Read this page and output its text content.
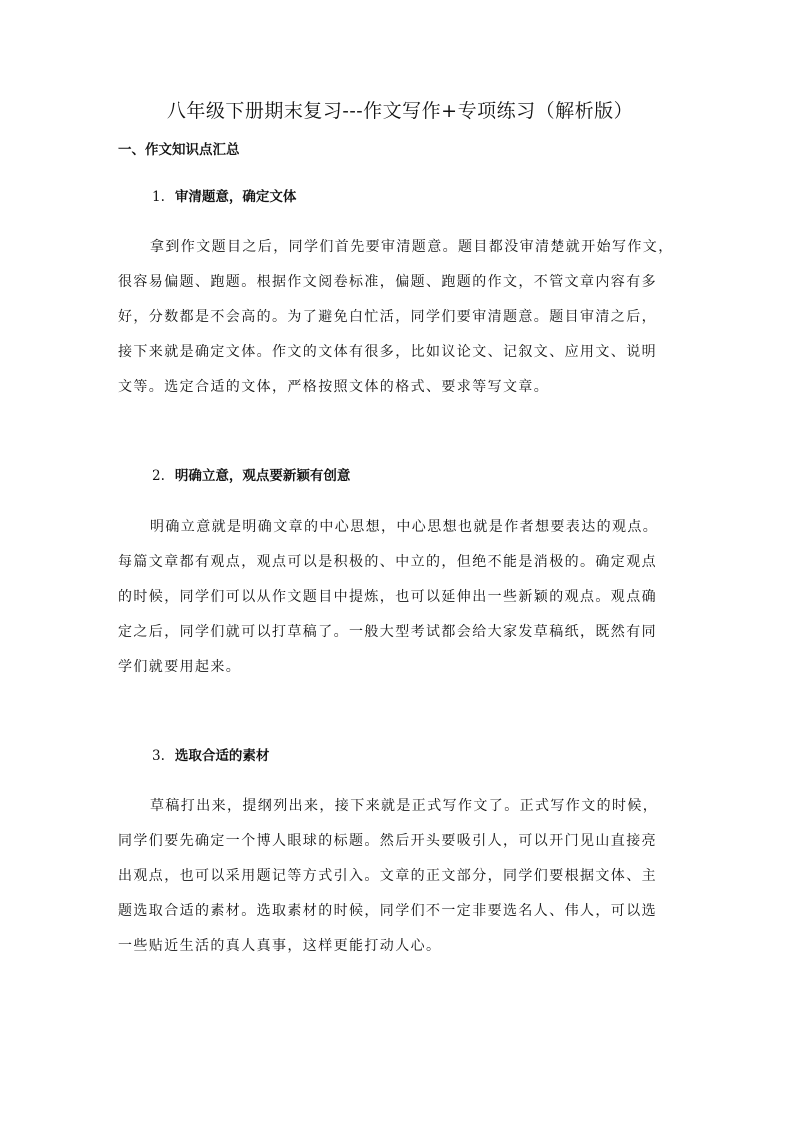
八年级下册期末复习---作文写作+专项练习（解析版）
一、作文知识点汇总
1. 审清题意，确定文体
拿到作文题目之后，同学们首先要审清题意。题目都没审清楚就开始写作文，
很容易偏题、跑题。根据作文阅卷标准，偏题、跑题的作文，不管文章内容有多
好，分数都是不会高的。为了避免白忙活，同学们要审清题意。题目审清之后，
接下来就是确定文体。作文的文体有很多，比如议论文、记叙文、应用文、说明
文等。选定合适的文体，严格按照文体的格式、要求等写文章。
2. 明确立意，观点要新颖有创意
明确立意就是明确文章的中心思想，中心思想也就是作者想要表达的观点。
每篇文章都有观点，观点可以是积极的、中立的，但绝不能是消极的。确定观点
的时候，同学们可以从作文题目中提炼，也可以延伸出一些新颖的观点。观点确
定之后，同学们就可以打草稿了。一般大型考试都会给大家发草稿纸，既然有同
学们就要用起来。
3. 选取合适的素材
草稿打出来，提纲列出来，接下来就是正式写作文了。正式写作文的时候，
同学们要先确定一个博人眼球的标题。然后开头要吸引人，可以开门见山直接亮
出观点，也可以采用题记等方式引入。文章的正文部分，同学们要根据文体、主
题选取合适的素材。选取素材的时候，同学们不一定非要选名人、伟人，可以选
一些贴近生活的真人真事，这样更能打动人心。
